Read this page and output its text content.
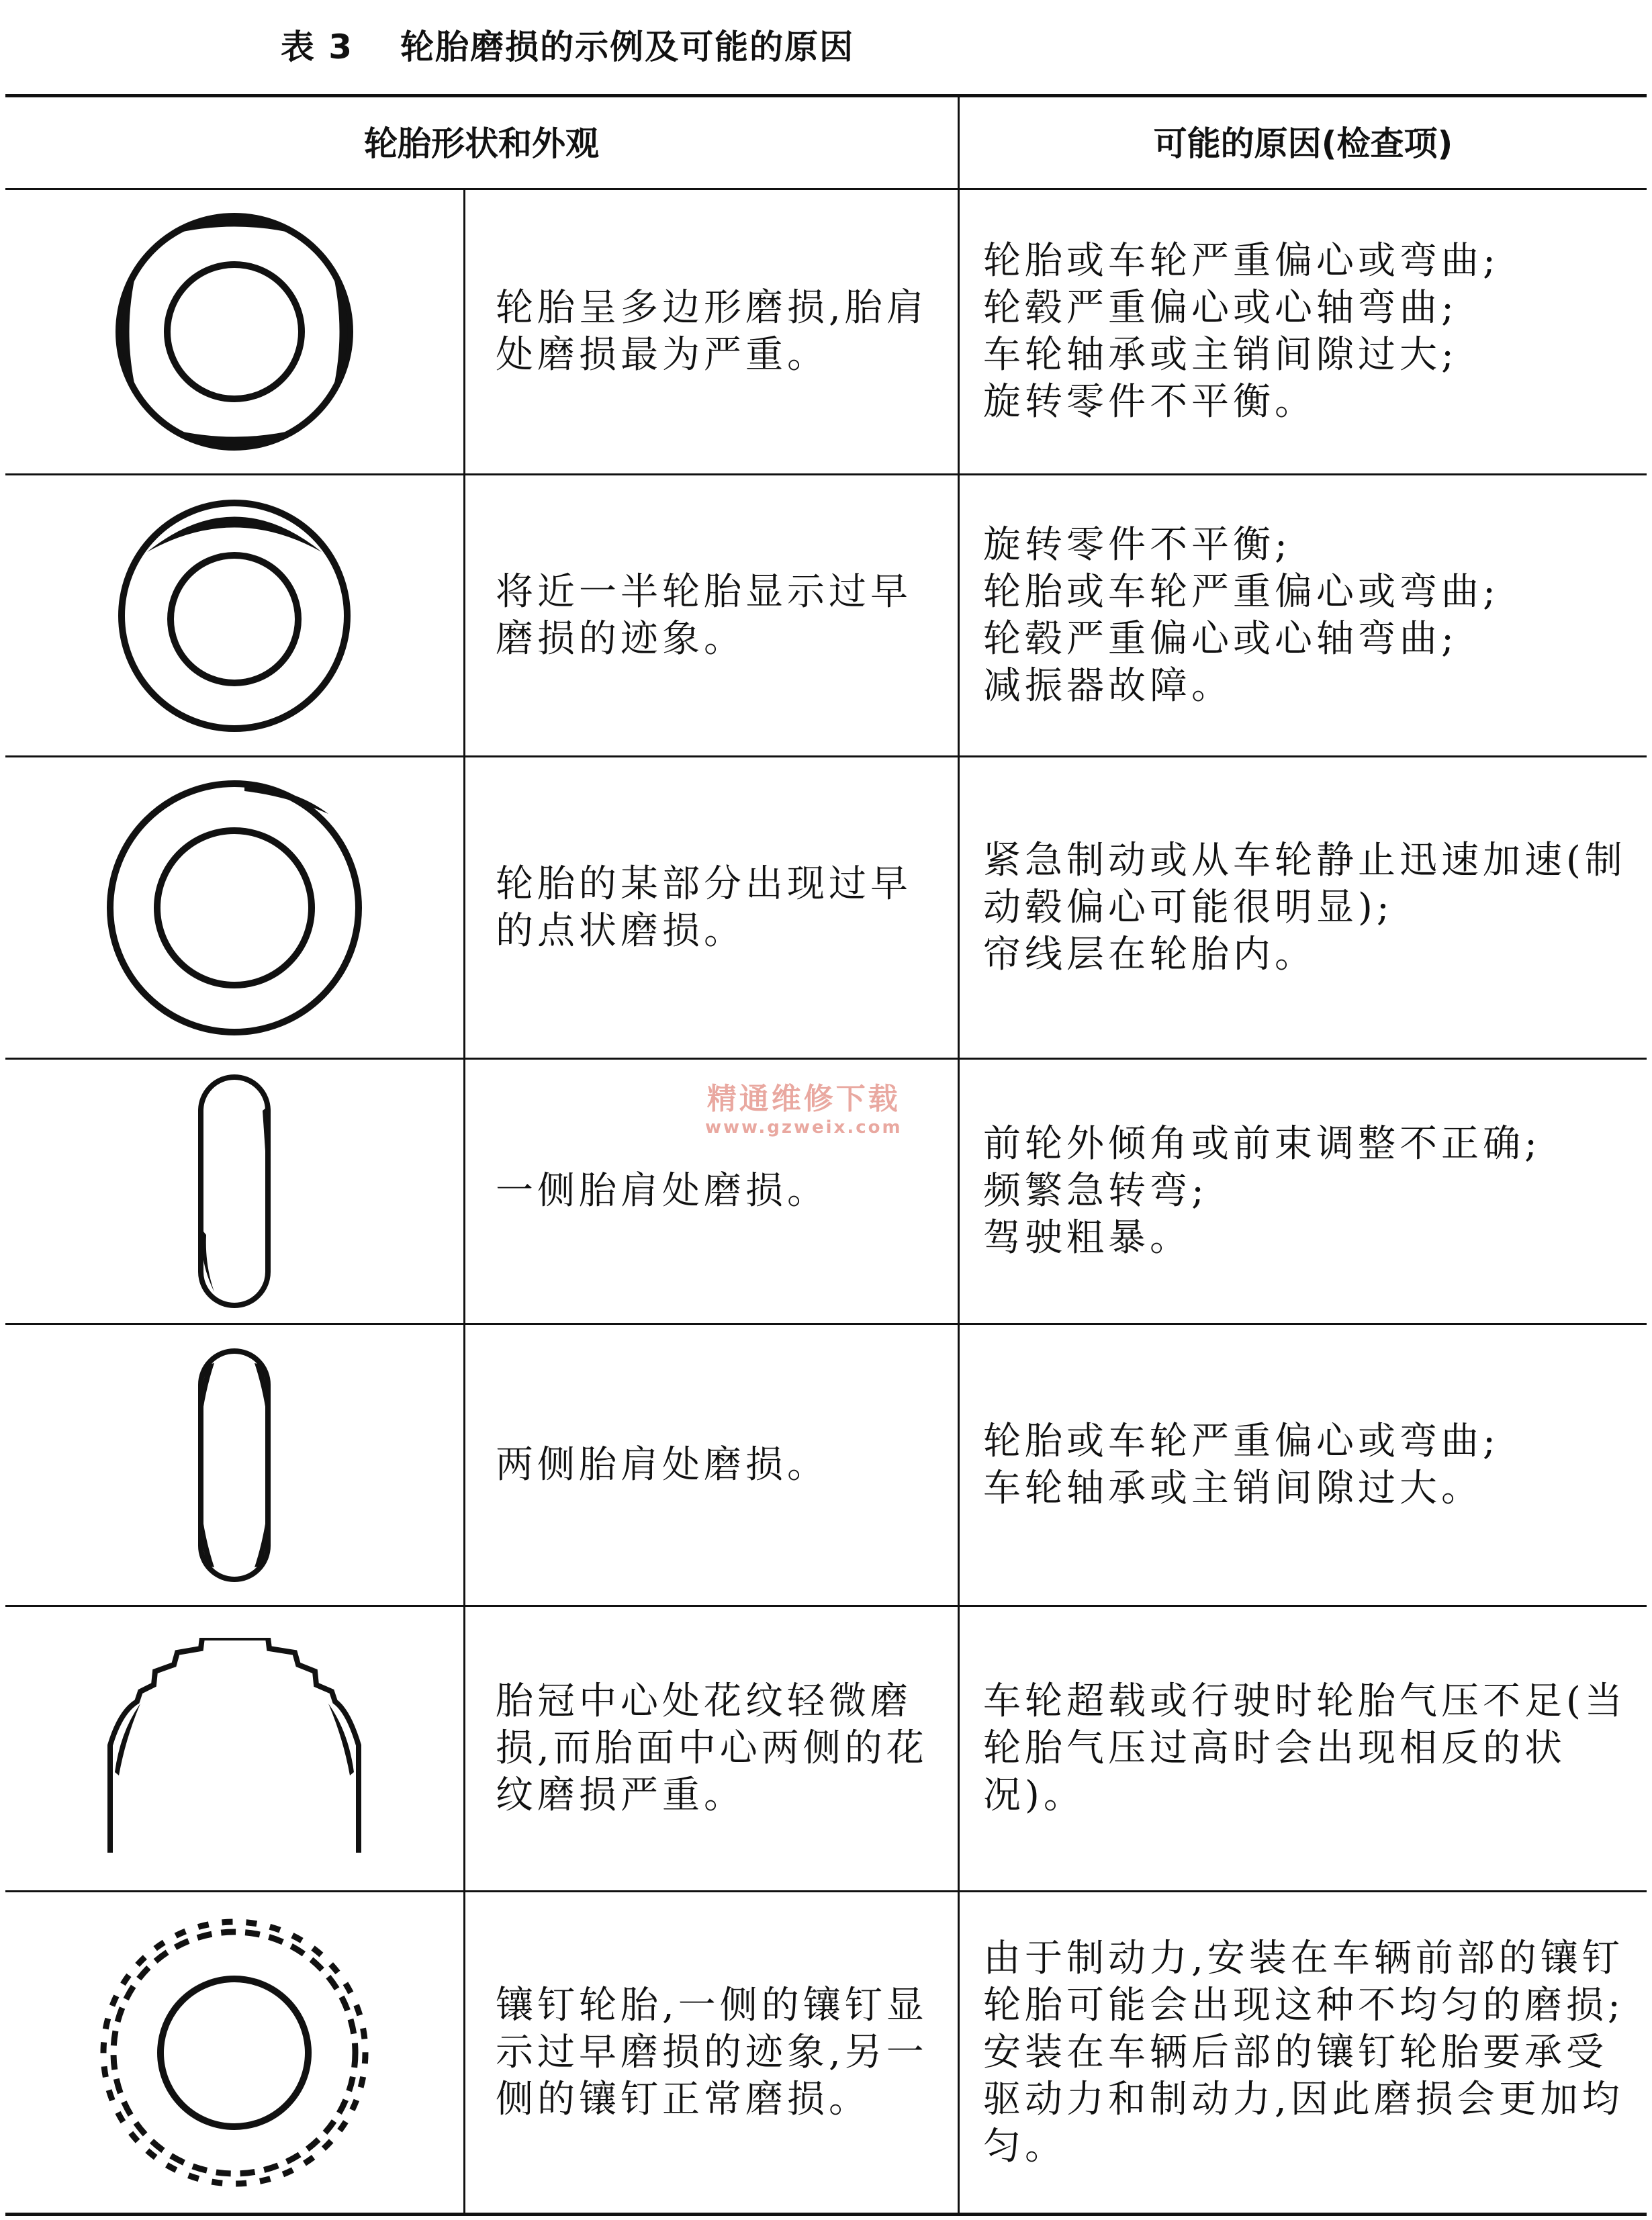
表 3 轮胎磨损的示例及可能的原因
轮胎形状和外观	可能的原因(检查项)
轮胎呈多边形磨损,胎肩处磨损最为严重。
轮胎或车轮严重偏心或弯曲;
轮毂严重偏心或心轴弯曲;
车轮轴承或主销间隙过大;
旋转零件不平衡。
将近一半轮胎显示过早磨损的迹象。
旋转零件不平衡;
轮胎或车轮严重偏心或弯曲;
轮毂严重偏心或心轴弯曲;
减振器故障。
轮胎的某部分出现过早的点状磨损。
紧急制动或从车轮静止迅速加速(制动毂偏心可能很明显);
帘线层在轮胎内。
一侧胎肩处磨损。
前轮外倾角或前束调整不正确;
频繁急转弯;
驾驶粗暴。
两侧胎肩处磨损。
轮胎或车轮严重偏心或弯曲;
车轮轴承或主销间隙过大。
胎冠中心处花纹轻微磨损,而胎面中心两侧的花纹磨损严重。
车轮超载或行驶时轮胎气压不足(当轮胎气压过高时会出现相反的状况)。
镶钉轮胎,一侧的镶钉显示过早磨损的迹象,另一侧的镶钉正常磨损。
由于制动力,安装在车辆前部的镶钉轮胎可能会出现这种不均匀的磨损;
安装在车辆后部的镶钉轮胎要承受驱动力和制动力,因此磨损会更加均匀。
精通维修下载
www.gzweix.com
